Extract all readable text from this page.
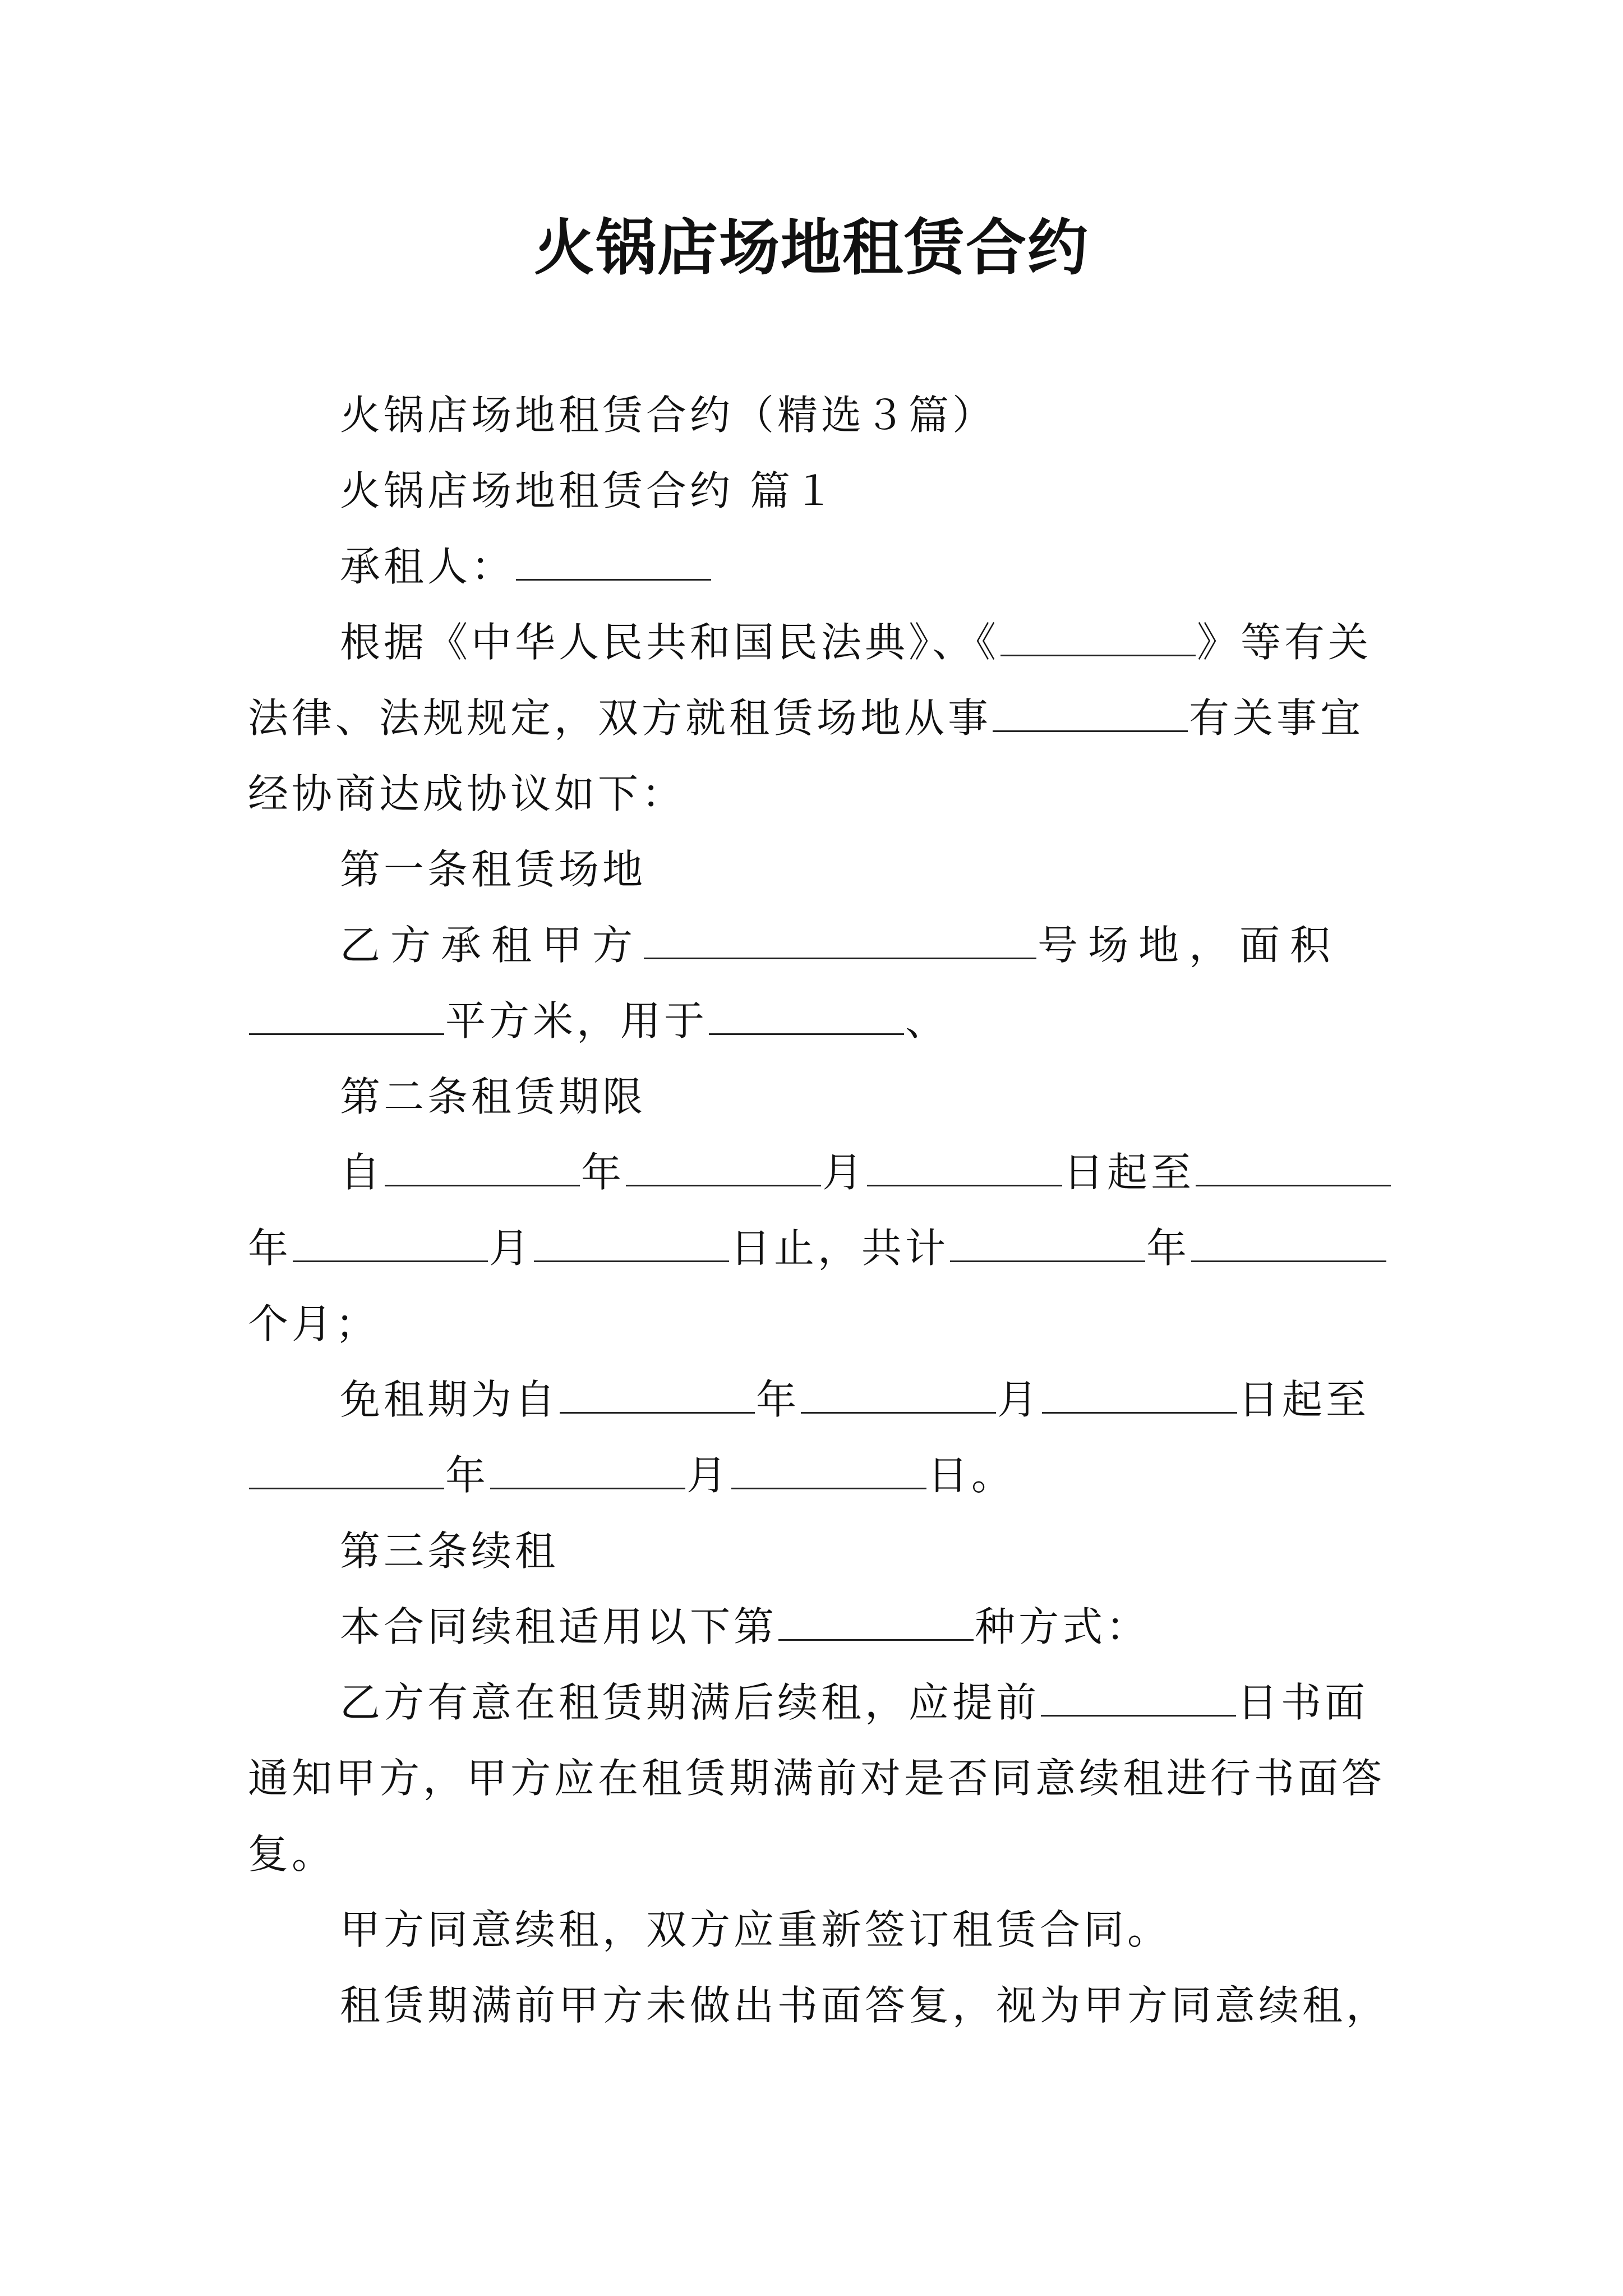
火锅店场地租赁合约
火锅店场地租赁合约（精选３篇）
火锅店场地租赁合约 篇１
承租人：
根据《中华人民共和国民法典》、《	》等有关
法律、法规规定，双方就租赁场地从事	有关事宜
经协商达成协议如下：
第一条租赁场地
乙方承租甲方	号场地，面积
平方米，用于	、
第二条租赁期限
自	年	月	日起至
年	月	日止，共计	年
个月；
免租期为自	年	月	日起至
年	月	日。
第三条续租
本合同续租适用以下第	种方式：
乙方有意在租赁期满后续租，应提前	日书面
通知甲方，甲方应在租赁期满前对是否同意续租进行书面答
复。
甲方同意续租，双方应重新签订租赁合同。
租赁期满前甲方未做出书面答复，视为甲方同意续租，
